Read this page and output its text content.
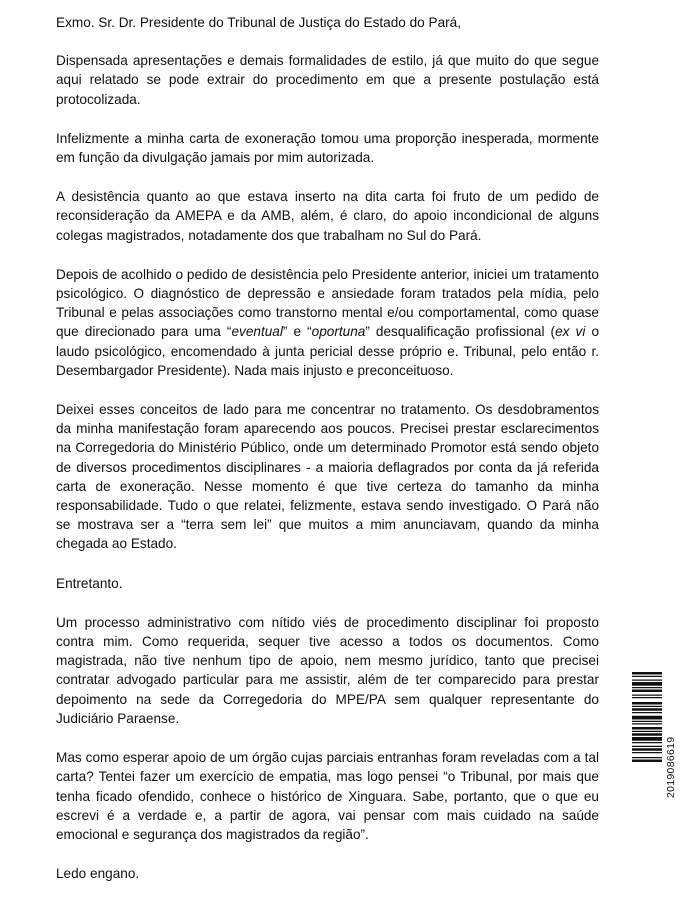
Exmo. Sr. Dr. Presidente do Tribunal de Justiça do Estado do Pará,

Dispensada apresentações e demais formalidades de estilo, já que muito do que segue aqui relatado se pode extrair do procedimento em que a presente postulação está protocolizada.

Infelizmente a minha carta de exoneração tomou uma proporção inesperada, mormente em função da divulgação jamais por mim autorizada.

A desistência quanto ao que estava inserto na dita carta foi fruto de um pedido de reconsideração da AMEPA e da AMB, além, é claro, do apoio incondicional de alguns colegas magistrados, notadamente dos que trabalham no Sul do Pará.

Depois de acolhido o pedido de desistência pelo Presidente anterior, iniciei um tratamento psicológico. O diagnóstico de depressão e ansiedade foram tratados pela mídia, pelo Tribunal e pelas associações como transtorno mental e/ou comportamental, como quase que direcionado para uma “eventual” e “oportuna” desqualificação profissional (ex vi o laudo psicológico, encomendado à junta pericial desse próprio e. Tribunal, pelo então r. Desembargador Presidente). Nada mais injusto e preconceituoso.

Deixei esses conceitos de lado para me concentrar no tratamento. Os desdobramentos da minha manifestação foram aparecendo aos poucos. Precisei prestar esclarecimentos na Corregedoria do Ministério Público, onde um determinado Promotor está sendo objeto de diversos procedimentos disciplinares - a maioria deflagrados por conta da já referida carta de exoneração. Nesse momento é que tive certeza do tamanho da minha responsabilidade. Tudo o que relatei, felizmente, estava sendo investigado. O Pará não se mostrava ser a “terra sem lei” que muitos a mim anunciavam, quando da minha chegada ao Estado.

Entretanto.

Um processo administrativo com nítido viés de procedimento disciplinar foi proposto contra mim. Como requerida, sequer tive acesso a todos os documentos. Como magistrada, não tive nenhum tipo de apoio, nem mesmo jurídico, tanto que precisei contratar advogado particular para me assistir, além de ter comparecido para prestar depoimento na sede da Corregedoria do MPE/PA sem qualquer representante do Judiciário Paraense.

Mas como esperar apoio de um órgão cujas parciais entranhas foram reveladas com a tal carta? Tentei fazer um exercício de empatia, mas logo pensei “o Tribunal, por mais que tenha ficado ofendido, conhece o histórico de Xinguara. Sabe, portanto, que o que eu escrevi é a verdade e, a partir de agora, vai pensar com mais cuidado na saúde emocional e segurança dos magistrados da região”.

Ledo engano.

2019086619
